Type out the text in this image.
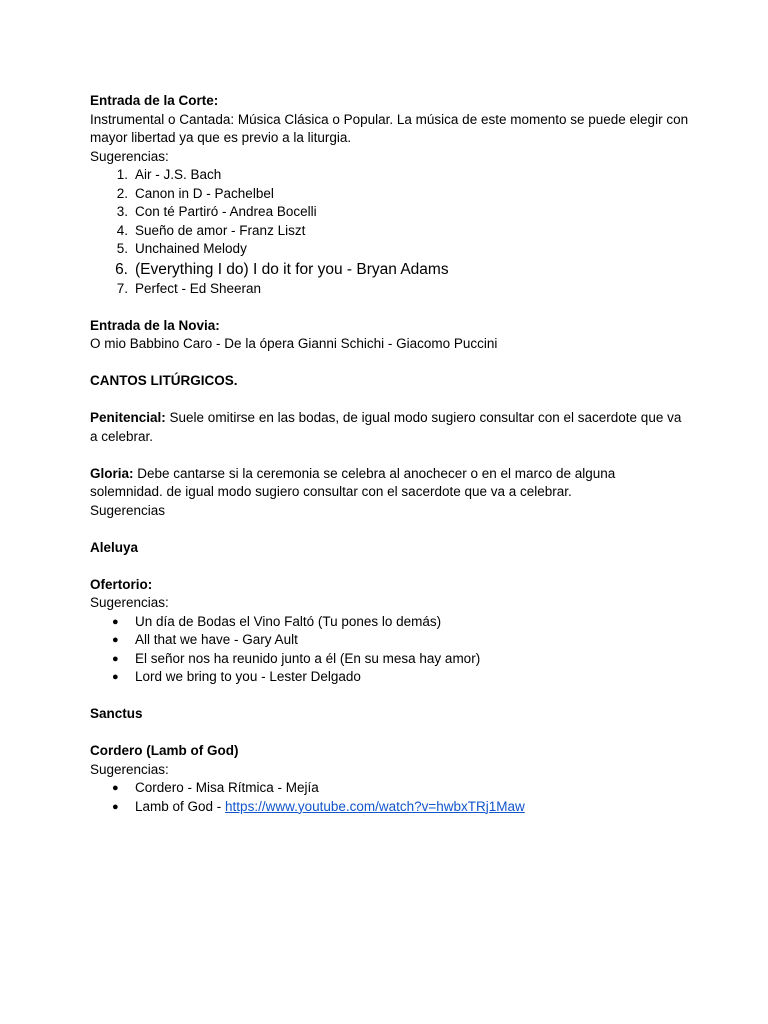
Entrada de la Corte:

Instrumental o Cantada: Música Clásica o Popular. La música de este momento se puede elegir con mayor libertad ya que es previo a la liturgia.

Sugerencias:

1. Air - J.S. Bach
2. Canon in D - Pachelbel
3. Con té Partiró - Andrea Bocelli
4. Sueño de amor - Franz Liszt
5. Unchained Melody
6. (Everything I do) I do it for you - Bryan Adams
7. Perfect - Ed Sheeran

Entrada de la Novia:

O mio Babbino Caro - De la ópera Gianni Schichi - Giacomo Puccini

CANTOS LITÚRGICOS.

Penitencial: Suele omitirse en las bodas, de igual modo sugiero consultar con el sacerdote que va a celebrar.

Gloria: Debe cantarse si la ceremonia se celebra al anochecer o en el marco de alguna solemnidad. de igual modo sugiero consultar con el sacerdote que va a celebrar.

Sugerencias

Aleluya

Ofertorio:

Sugerencias:

● Un día de Bodas el Vino Faltó (Tu pones lo demás)
● All that we have - Gary Ault
● El señor nos ha reunido junto a él (En su mesa hay amor)
● Lord we bring to you - Lester Delgado

Sanctus

Cordero (Lamb of God)

Sugerencias:

● Cordero - Misa Rítmica - Mejía
● Lamb of God - https://www.youtube.com/watch?v=hwbxTRj1Maw
